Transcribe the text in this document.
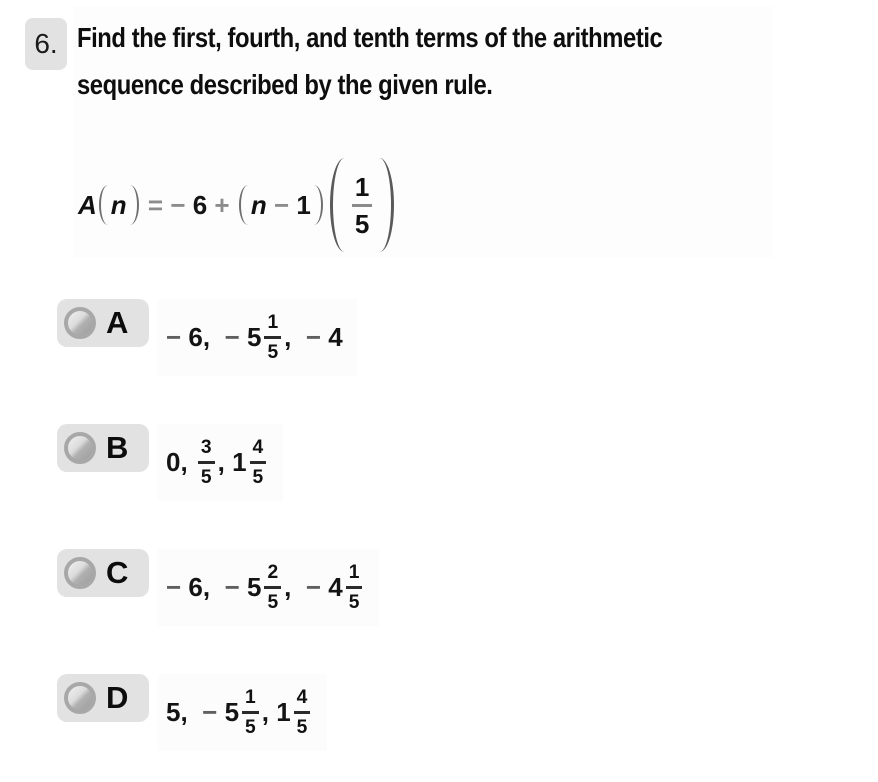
6. Find the first, fourth, and tenth terms of the arithmetic
sequence described by the given rule.
A n = − $6 + n - 1 \frac{1}{5}$
A − 6, − $5 \frac{1}{5}$ , − 4
B 0, $\frac{3}{5}$ , $1 \frac{4}{5}$
C − 6, − $5 \frac{2}{5}$ , − $4 \frac{1}{5}$
D 5, − $5 \frac{1}{5}$ , $1 \frac{4}{5}$
